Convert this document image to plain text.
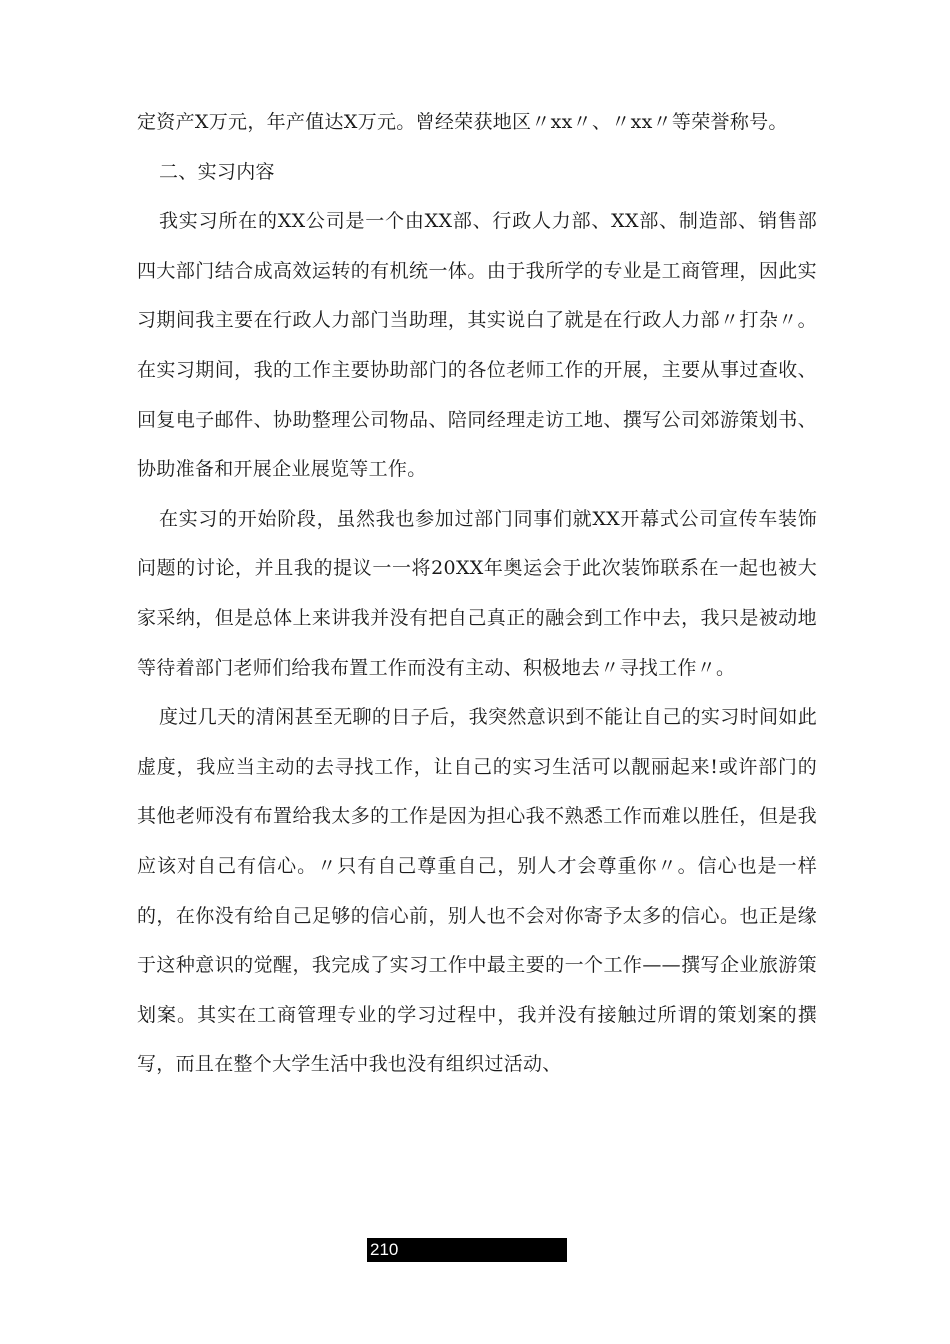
定资产X万元，年产值达X万元。曾经荣获地区〃xx〃、〃xx〃等荣誉称号。

二、实习内容

我实习所在的XX公司是一个由XX部、行政人力部、XX部、制造部、销售部四大部门结合成高效运转的有机统一体。由于我所学的专业是工商管理，因此实习期间我主要在行政人力部门当助理，其实说白了就是在行政人力部〃打杂〃。在实习期间，我的工作主要协助部门的各位老师工作的开展，主要从事过查收、回复电子邮件、协助整理公司物品、陪同经理走访工地、撰写公司郊游策划书、协助准备和开展企业展览等工作。

在实习的开始阶段，虽然我也参加过部门同事们就XX开幕式公司宣传车装饰问题的讨论，并且我的提议一一将20XX年奥运会于此次装饰联系在一起也被大家采纳，但是总体上来讲我并没有把自己真正的融会到工作中去，我只是被动地等待着部门老师们给我布置工作而没有主动、积极地去〃寻找工作〃。

度过几天的清闲甚至无聊的日子后，我突然意识到不能让自己的实习时间如此虚度，我应当主动的去寻找工作，让自己的实习生活可以靓丽起来!或许部门的其他老师没有布置给我太多的工作是因为担心我不熟悉工作而难以胜任，但是我应该对自己有信心。〃只有自己尊重自己，别人才会尊重你〃。信心也是一样的，在你没有给自己足够的信心前，别人也不会对你寄予太多的信心。也正是缘于这种意识的觉醒，我完成了实习工作中最主要的一个工作——撰写企业旅游策划案。其实在工商管理专业的学习过程中，我并没有接触过所谓的策划案的撰写，而且在整个大学生活中我也没有组织过活动、

210
